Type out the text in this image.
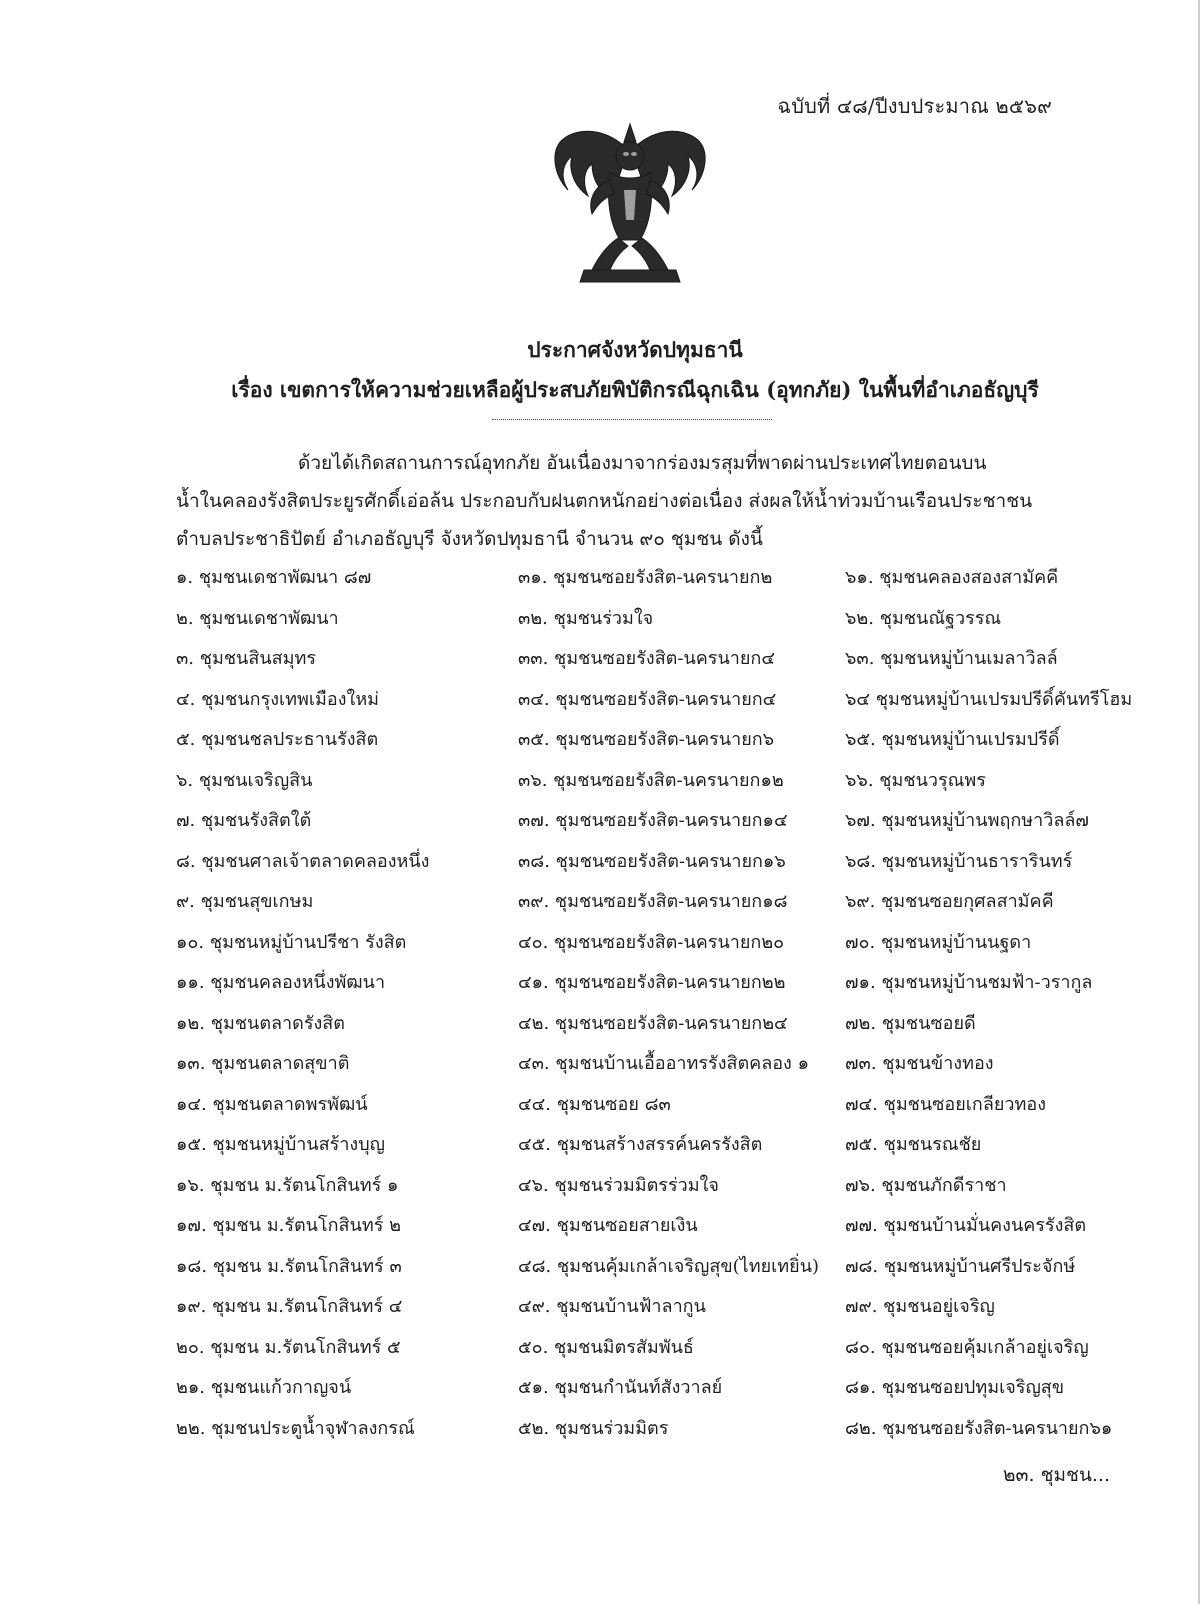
ฉบับที่ ๔๘/ปีงบประมาณ ๒๕๖๙
ประกาศจังหวัดปทุมธานี
เรื่อง เขตการให้ความช่วยเหลือผู้ประสบภัยพิบัติกรณีฉุกเฉิน (อุทกภัย) ในพื้นที่อำเภอธัญบุรี
ด้วยได้เกิดสถานการณ์อุทกภัย อันเนื่องมาจากร่องมรสุมที่พาดผ่านประเทศไทยตอนบน
น้ำในคลองรังสิตประยูรศักดิ์เอ่อล้น ประกอบกับฝนตกหนักอย่างต่อเนื่อง ส่งผลให้น้ำท่วมบ้านเรือนประชาชน
ตำบลประชาธิปัตย์ อำเภอธัญบุรี จังหวัดปทุมธานี จำนวน ๙๐ ชุมชน ดังนี้
๑. ชุมชนเดชาพัฒนา ๘๗
๒. ชุมชนเดชาพัฒนา
๓. ชุมชนสินสมุทร
๔. ชุมชนกรุงเทพเมืองใหม่
๕. ชุมชนชลประธานรังสิต
๖. ชุมชนเจริญสิน
๗. ชุมชนรังสิตใต้
๘. ชุมชนศาลเจ้าตลาดคลองหนึ่ง
๙. ชุมชนสุขเกษม
๑๐. ชุมชนหมู่บ้านปรีชา รังสิต
๑๑. ชุมชนคลองหนึ่งพัฒนา
๑๒. ชุมชนตลาดรังสิต
๑๓. ชุมชนตลาดสุขาติ
๑๔. ชุมชนตลาดพรพัฒน์
๑๕. ชุมชนหมู่บ้านสร้างบุญ
๑๖. ชุมชน ม.รัตนโกสินทร์ ๑
๑๗. ชุมชน ม.รัตนโกสินทร์ ๒
๑๘. ชุมชน ม.รัตนโกสินทร์ ๓
๑๙. ชุมชน ม.รัตนโกสินทร์ ๔
๒๐. ชุมชน ม.รัตนโกสินทร์ ๕
๒๑. ชุมชนแก้วกาญจน์
๒๒. ชุมชนประตูน้ำจุฬาลงกรณ์
๓๑. ชุมชนซอยรังสิต-นครนายก๒
๓๒. ชุมชนร่วมใจ
๓๓. ชุมชนซอยรังสิต-นครนายก๔
๓๔. ชุมชนซอยรังสิต-นครนายก๔
๓๕. ชุมชนซอยรังสิต-นครนายก๖
๓๖. ชุมชนซอยรังสิต-นครนายก๑๒
๓๗. ชุมชนซอยรังสิต-นครนายก๑๔
๓๘. ชุมชนซอยรังสิต-นครนายก๑๖
๓๙. ชุมชนซอยรังสิต-นครนายก๑๘
๔๐. ชุมชนซอยรังสิต-นครนายก๒๐
๔๑. ชุมชนซอยรังสิต-นครนายก๒๒
๔๒. ชุมชนซอยรังสิต-นครนายก๒๔
๔๓. ชุมชนบ้านเอื้ออาทรรังสิตคลอง ๑
๔๔. ชุมชนซอย ๘๓
๔๕. ชุมชนสร้างสรรค์นครรังสิต
๔๖. ชุมชนร่วมมิตรร่วมใจ
๔๗. ชุมชนซอยสายเงิน
๔๘. ชุมชนคุ้มเกล้าเจริญสุข(ไทยเทยิ่น)
๔๙. ชุมชนบ้านฟ้าลากูน
๕๐. ชุมชนมิตรสัมพันธ์
๕๑. ชุมชนกำนันท์สังวาลย์
๕๒. ชุมชนร่วมมิตร
๖๑. ชุมชนคลองสองสามัคคี
๖๒. ชุมชนณัฐวรรณ
๖๓. ชุมชนหมู่บ้านเมลาวิลล์
๖๔ ชุมชนหมู่บ้านเปรมปรีดิ์คันทรีโฮม
๖๕. ชุมชนหมู่บ้านเปรมปรีดิ์
๖๖. ชุมชนวรุณพร
๖๗. ชุมชนหมู่บ้านพฤกษาวิลล์๗
๖๘. ชุมชนหมู่บ้านธารารินทร์
๖๙. ชุมชนซอยกุศลสามัคคี
๗๐. ชุมชนหมู่บ้านนฐดา
๗๑. ชุมชนหมู่บ้านชมฟ้า-วรากูล
๗๒. ชุมชนซอยดี
๗๓. ชุมชนข้างทอง
๗๔. ชุมชนซอยเกลียวทอง
๗๕. ชุมชนรณชัย
๗๖. ชุมชนภักดีราชา
๗๗. ชุมชนบ้านมั่นคงนครรังสิต
๗๘. ชุมชนหมู่บ้านศรีประจักษ์
๗๙. ชุมชนอยู่เจริญ
๘๐. ชุมชนซอยคุ้มเกล้าอยู่เจริญ
๘๑. ชุมชนซอยปทุมเจริญสุข
๘๒. ชุมชนซอยรังสิต-นครนายก๖๑
๒๓. ชุมชน...
